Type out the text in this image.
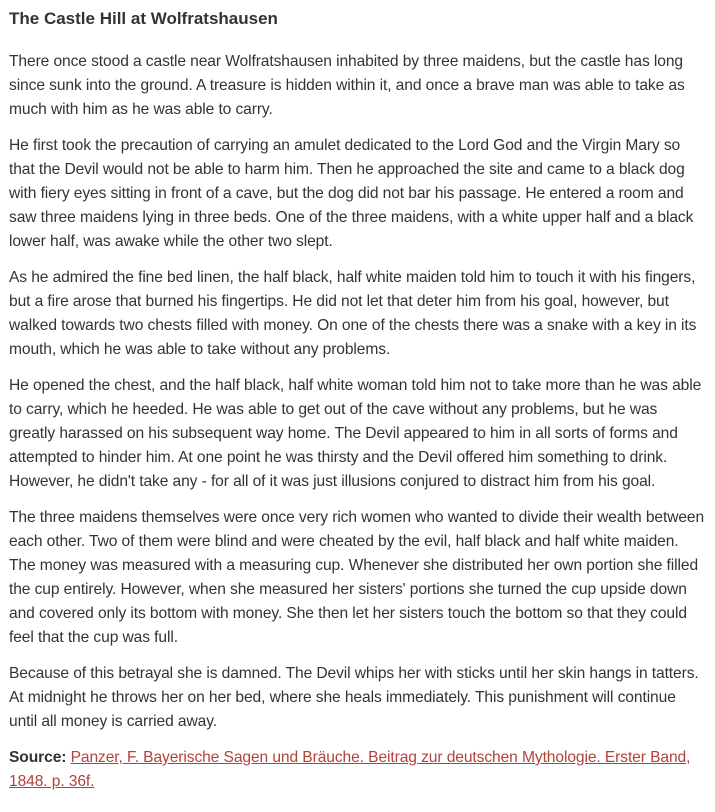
The Castle Hill at Wolfratshausen

There once stood a castle near Wolfratshausen inhabited by three maidens, but the castle has long since sunk into the ground. A treasure is hidden within it, and once a brave man was able to take as much with him as he was able to carry.

He first took the precaution of carrying an amulet dedicated to the Lord God and the Virgin Mary so that the Devil would not be able to harm him. Then he approached the site and came to a black dog with fiery eyes sitting in front of a cave, but the dog did not bar his passage. He entered a room and saw three maidens lying in three beds. One of the three maidens, with a white upper half and a black lower half, was awake while the other two slept.

As he admired the fine bed linen, the half black, half white maiden told him to touch it with his fingers, but a fire arose that burned his fingertips. He did not let that deter him from his goal, however, but walked towards two chests filled with money. On one of the chests there was a snake with a key in its mouth, which he was able to take without any problems.

He opened the chest, and the half black, half white woman told him not to take more than he was able to carry, which he heeded. He was able to get out of the cave without any problems, but he was greatly harassed on his subsequent way home. The Devil appeared to him in all sorts of forms and attempted to hinder him. At one point he was thirsty and the Devil offered him something to drink. However, he didn't take any - for all of it was just illusions conjured to distract him from his goal.

The three maidens themselves were once very rich women who wanted to divide their wealth between each other. Two of them were blind and were cheated by the evil, half black and half white maiden. The money was measured with a measuring cup. Whenever she distributed her own portion she filled the cup entirely. However, when she measured her sisters' portions she turned the cup upside down and covered only its bottom with money. She then let her sisters touch the bottom so that they could feel that the cup was full.

Because of this betrayal she is damned. The Devil whips her with sticks until her skin hangs in tatters. At midnight he throws her on her bed, where she heals immediately. This punishment will continue until all money is carried away.

Source: Panzer, F. Bayerische Sagen und Bräuche. Beitrag zur deutschen Mythologie. Erster Band, 1848. p. 36f.
